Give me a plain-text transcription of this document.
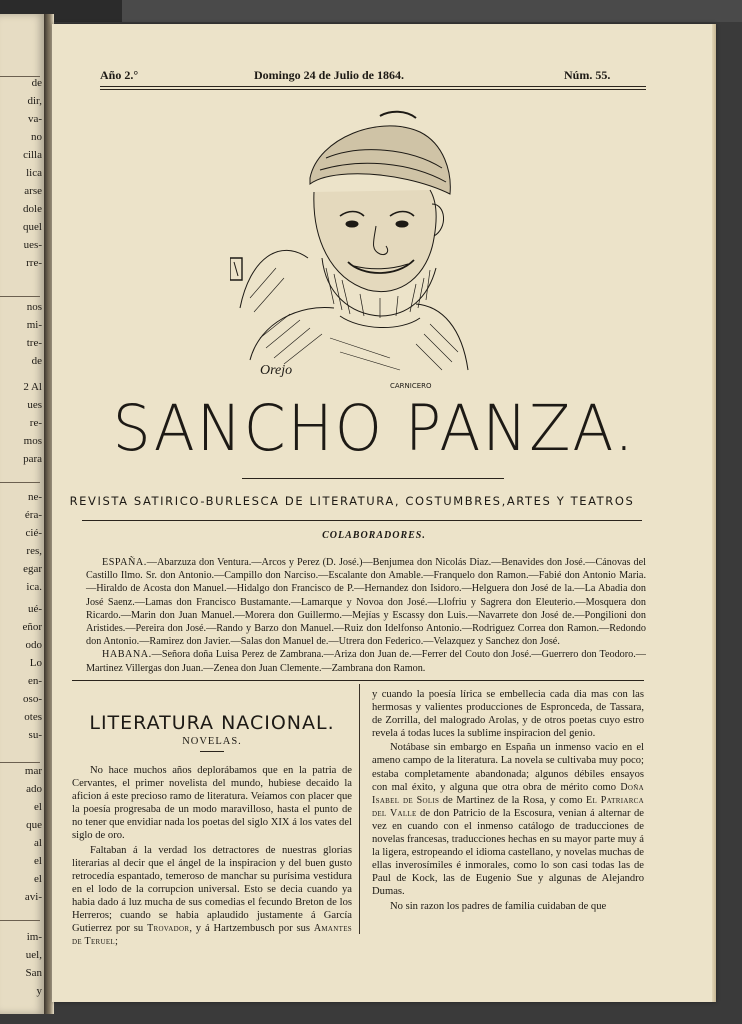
de
dir,
va-
no
cilla
lica
arse
dole
quel
ues-
rre-
nos
mi-
tre-
de
2 Al
ues
re-
mos
para
ne-
éra-
cié-
res,
egar
ica.
ué-
eñor
odo
Lo
en-
oso-
otes
su-
mar
ado
el
que
al
el
el
avi-
im-
uel,
San
y
Año 2.°	Domingo 24 de Julio de 1864.	Núm. 55.
Orejo
CARNICERO
SANCHO PANZA.
REVISTA SATIRICO-BURLESCA DE LITERATURA, COSTUMBRES,ARTES Y TEATROS
COLABORADORES.

ESPAÑA.—Abarzuza don Ventura.—Arcos y Perez (D. José.)—Benjumea don Nicolás Diaz.—Benavides don José.—Cánovas del Castillo Ilmo. Sr. don Antonio.—Campillo don Narciso.—Escalante don Amable.—Franquelo don Ramon.—Fabié don Antonio Maria.—Hiraldo de Acosta don Manuel.—Hidalgo don Francisco de P.—Hernandez don Isidoro.—Helguera don José de la.—La Abadia don José Saenz.—Lamas don Francisco Bustamante.—Lamarque y Novoa don José.—Llofriu y Sagrera don Eleuterio.—Mosquera don Ricardo.—Marin don Juan Manuel.—Morera don Guillermo.—Mejías y Escassy don Luis.—Navarrete don José de.—Pongilioni don Aristides.—Pereira don José.—Rando y Barzo don Manuel.—Ruiz don Idelfonso Antonio.—Rodriguez Correa don Ramon.—Redondo don Antonio.—Ramirez don Javier.—Salas don Manuel de.—Utrera don Federico.—Velazquez y Sanchez don José.

HABANA.—Señora doña Luisa Perez de Zambrana.—Ariza don Juan de.—Ferrer del Couto don José.—Guerrero don Teodoro.—Martinez Villergas don Juan.—Zenea don Juan Clemente.—Zambrana don Ramon.

LITERATURA NACIONAL.
NOVELAS.

No hace muchos años deplorábamos que en la patria de Cervantes, el primer novelista del mundo, hubiese decaido la aficion á este precioso ramo de literatura. Veíamos con placer que la poesía progresaba de un modo maravilloso, hasta el punto de no tener que envidiar nada los poetas del siglo XIX á los vates del siglo de oro.

Faltaban á la verdad los detractores de nuestras glorias literarias al decir que el ángel de la inspiracion y del buen gusto retrocedía espantado, temeroso de manchar su purísima vestidura en el lodo de la corrupcion universal. Esto se decia cuando ya habia dado á luz mucha de sus comedias el fecundo Breton de los Herreros; cuando se habia aplaudido justamente á García Gutierrez por su Trovador, y á Hartzembusch por sus Amantes de Teruel;

y cuando la poesía lírica se embellecia cada dia mas con las hermosas y valientes producciones de Espronceda, de Tassara, de Zorrilla, del malogrado Arolas, y de otros poetas cuyo estro revela á todas luces la sublime inspiracion del genio.

Notábase sin embargo en España un inmenso vacio en el ameno campo de la literatura. La novela se cultivaba muy poco; estaba completamente abandonada; algunos débiles ensayos con mal éxito, y alguna que otra obra de mérito como Doña Isabel de Solis de Martinez de la Rosa, y como El Patriarca del Valle de don Patricio de la Escosura, venian á alternar de vez en cuando con el inmenso catálogo de traducciones de novelas francesas, traducciones hechas en su mayor parte muy á la ligera, estropeando el idioma castellano, y novelas muchas de ellas inverosímiles é inmorales, como lo son casi todas las de Paul de Kock, las de Eugenio Sue y algunas de Alejandro Dumas.

No sin razon los padres de familia cuidaban de que
